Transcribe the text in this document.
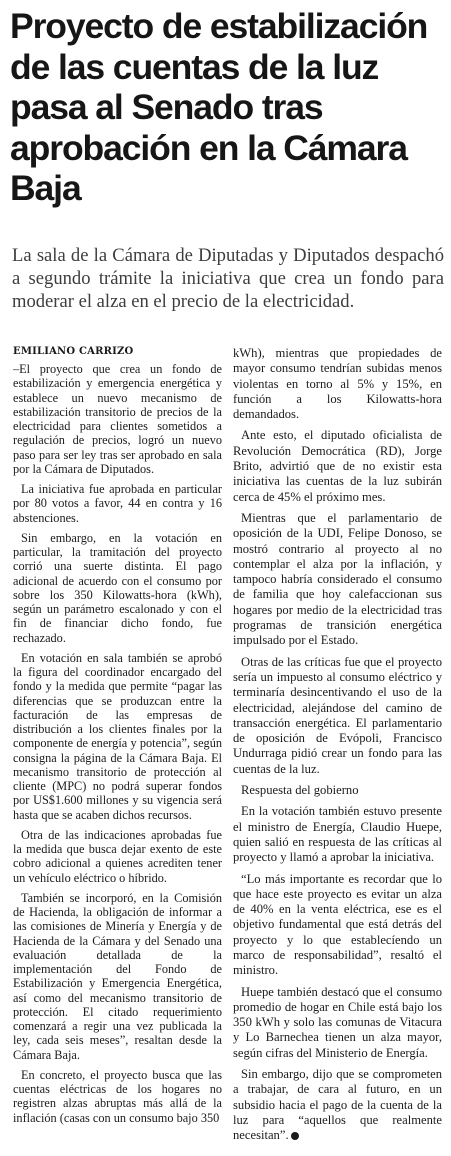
Proyecto de estabilización de las cuentas de la luz pasa al Senado tras aprobación en la Cámara Baja

La sala de la Cámara de Diputadas y Diputados despachó a segundo trámite la iniciativa que crea un fondo para moderar el alza en el precio de la electricidad.

EMILIANO CARRIZO

–El proyecto que crea un fondo de estabilización y emergencia energética y establece un nuevo mecanismo de estabilización transitorio de precios de la electricidad para clientes sometidos a regulación de precios, logró un nuevo paso para ser ley tras ser aprobado en sala por la Cámara de Diputados.

La iniciativa fue aprobada en particular por 80 votos a favor, 44 en contra y 16 abstenciones.

Sin embargo, en la votación en particular, la tramitación del proyecto corrió una suerte distinta. El pago adicional de acuerdo con el consumo por sobre los 350 Kilowatts-hora (kWh), según un parámetro escalonado y con el fin de financiar dicho fondo, fue rechazado.

En votación en sala también se aprobó la figura del coordinador encargado del fondo y la medida que permite “pagar las diferencias que se produzcan entre la facturación de las empresas de distribución a los clientes finales por la componente de energía y potencia”, según consigna la página de la Cámara Baja. El mecanismo transitorio de protección al cliente (MPC) no podrá superar fondos por US$1.600 millones y su vigencia será hasta que se acaben dichos recursos.

Otra de las indicaciones aprobadas fue la medida que busca dejar exento de este cobro adicional a quienes acrediten tener un vehículo eléctrico o híbrido.

También se incorporó, en la Comisión de Hacienda, la obligación de informar a las comisiones de Minería y Energía y de Hacienda de la Cámara y del Senado una evaluación detallada de la implementación del Fondo de Estabilización y Emergencia Energética, así como del mecanismo transitorio de protección. El citado requerimiento comenzará a regir una vez publicada la ley, cada seis meses”, resaltan desde la Cámara Baja.

En concreto, el proyecto busca que las cuentas eléctricas de los hogares no registren alzas abruptas más allá de la inflación (casas con un consumo bajo 350

kWh), mientras que propiedades de mayor consumo tendrían subidas menos violentas en torno al 5% y 15%, en función a los Kilowatts-hora demandados.

Ante esto, el diputado oficialista de Revolución Democrática (RD), Jorge Brito, advirtió que de no existir esta iniciativa las cuentas de la luz subirán cerca de 45% el próximo mes.

Mientras que el parlamentario de oposición de la UDI, Felipe Donoso, se mostró contrario al proyecto al no contemplar el alza por la inflación, y tampoco habría considerado el consumo de familia que hoy calefaccionan sus hogares por medio de la electricidad tras programas de transición energética impulsado por el Estado.

Otras de las críticas fue que el proyecto sería un impuesto al consumo eléctrico y terminaría desincentivando el uso de la electricidad, alejándose del camino de transacción energética. El parlamentario de oposición de Evópoli, Francisco Undurraga pidió crear un fondo para las cuentas de la luz.

Respuesta del gobierno

En la votación también estuvo presente el ministro de Energía, Claudio Huepe, quien salió en respuesta de las críticas al proyecto y llamó a aprobar la iniciativa.

“Lo más importante es recordar que lo que hace este proyecto es evitar un alza de 40% en la venta eléctrica, ese es el objetivo fundamental que está detrás del proyecto y lo que establecíendo un marco de responsabilidad”, resaltó el ministro.

Huepe también destacó que el consumo promedio de hogar en Chile está bajo los 350 kWh y solo las comunas de Vitacura y Lo Barnechea tienen un alza mayor, según cifras del Ministerio de Energía.

Sin embargo, dijo que se comprometen a trabajar, de cara al futuro, en un subsidio hacia el pago de la cuenta de la luz para “aquellos que realmente necesitan”.
